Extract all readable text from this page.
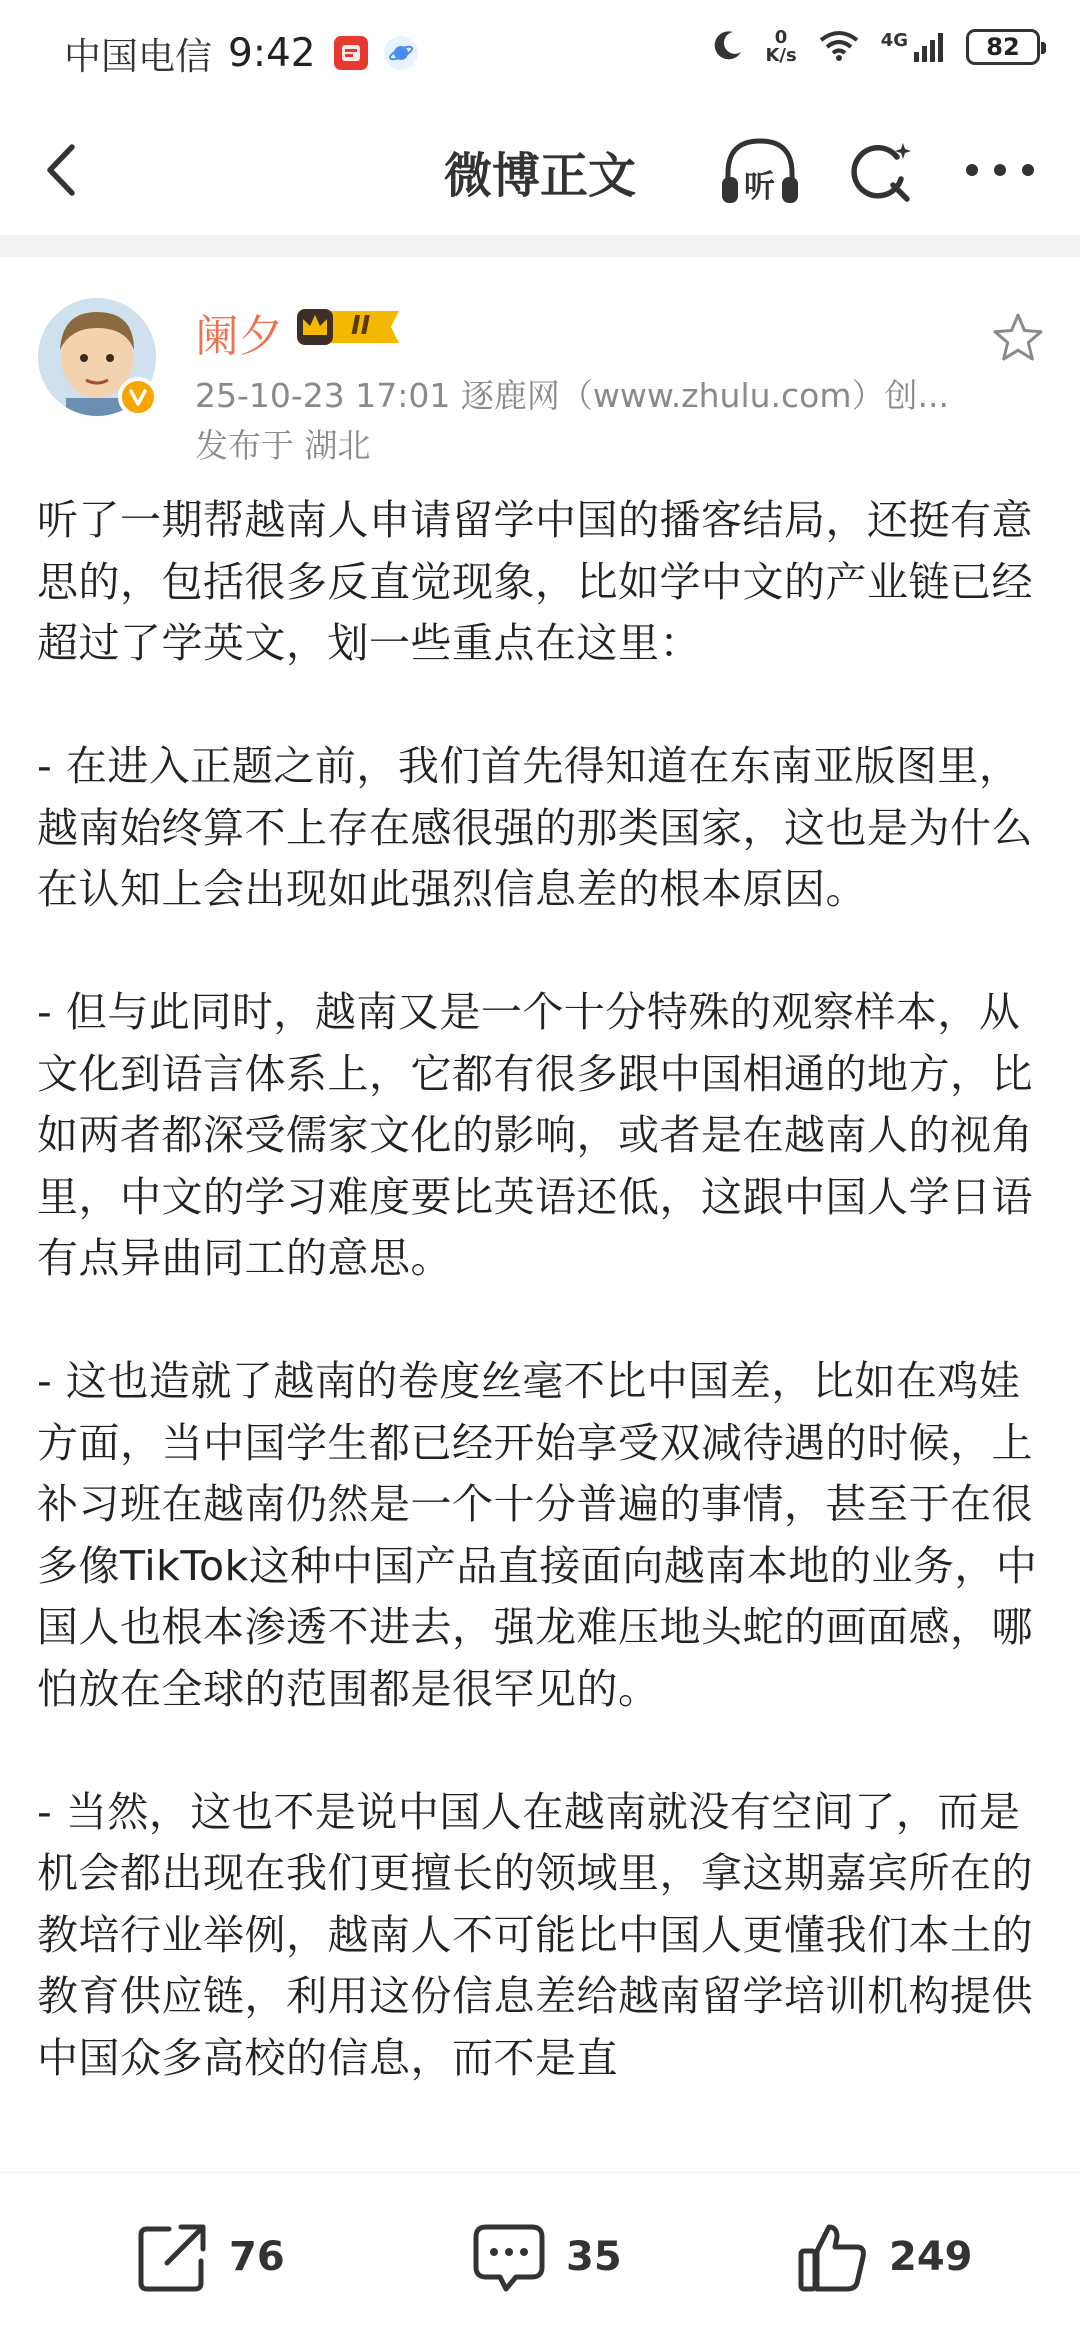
中国电信 9:42	0
K/s
4G	82
微博正文	听
阑夕	II
25-10-23 17:01 逐鹿网（www.zhulu.com）创...
发布于 湖北

听了一期帮越南人申请留学中国的播客结局，还挺有意思的，包括很多反直觉现象，比如学中文的产业链已经超过了学英文，划一些重点在这里：

- 在进入正题之前，我们首先得知道在东南亚版图里，越南始终算不上存在感很强的那类国家，这也是为什么在认知上会出现如此强烈信息差的根本原因。

- 但与此同时，越南又是一个十分特殊的观察样本，从文化到语言体系上，它都有很多跟中国相通的地方，比如两者都深受儒家文化的影响，或者是在越南人的视角里，中文的学习难度要比英语还低，这跟中国人学日语有点异曲同工的意思。

- 这也造就了越南的卷度丝毫不比中国差，比如在鸡娃方面，当中国学生都已经开始享受双减待遇的时候，上补习班在越南仍然是一个十分普遍的事情，甚至于在很多像TikTok这种中国产品直接面向越南本地的业务，中国人也根本渗透不进去，强龙难压地头蛇的画面感，哪怕放在全球的范围都是很罕见的。

- 当然，这也不是说中国人在越南就没有空间了，而是机会都出现在我们更擅长的领域里，拿这期嘉宾所在的教培行业举例，越南人不可能比中国人更懂我们本土的教育供应链，利用这份信息差给越南留学培训机构提供中国众多高校的信息，而不是直

76	35	249
